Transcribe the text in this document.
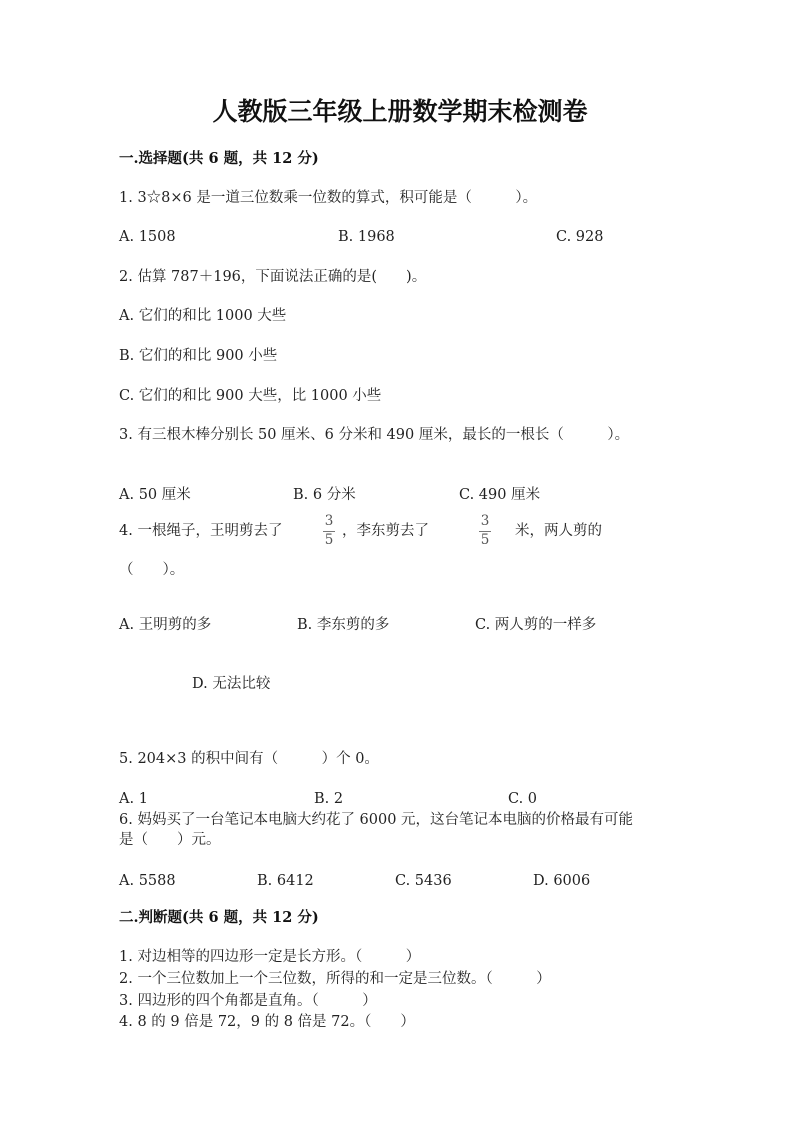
人教版三年级上册数学期末检测卷
一.选择题(共 6 题，共 12 分)
1. 3☆8×6 是一道三位数乘一位数的算式，积可能是（　　　）。
A. 1508	B. 1968	C. 928
2. 估算 787＋196，下面说法正确的是(　　)。
A. 它们的和比 1000 大些
B. 它们的和比 900 小些
C. 它们的和比 900 大些，比 1000 小些
3. 有三根木棒分别长 50 厘米、6 分米和 490 厘米，最长的一根长（　　　）。
A. 50 厘米	B. 6 分米	C. 490 厘米
4. 一根绳子，王明剪去了
3
5
，李东剪去了
3
5
米，两人剪的
（　　）。
A. 王明剪的多	B. 李东剪的多	C. 两人剪的一样多
D. 无法比较
5. 204×3 的积中间有（　　　）个 0。
A. 1	B. 2	C. 0
6. 妈妈买了一台笔记本电脑大约花了 6000 元，这台笔记本电脑的价格最有可能
是（　　）元。
A. 5588	B. 6412	C. 5436	D. 6006
二.判断题(共 6 题，共 12 分)
1. 对边相等的四边形一定是长方形。（　　　）
2. 一个三位数加上一个三位数，所得的和一定是三位数。（　　　）
3. 四边形的四个角都是直角。（　　　）
4. 8 的 9 倍是 72，9 的 8 倍是 72。（　　）
